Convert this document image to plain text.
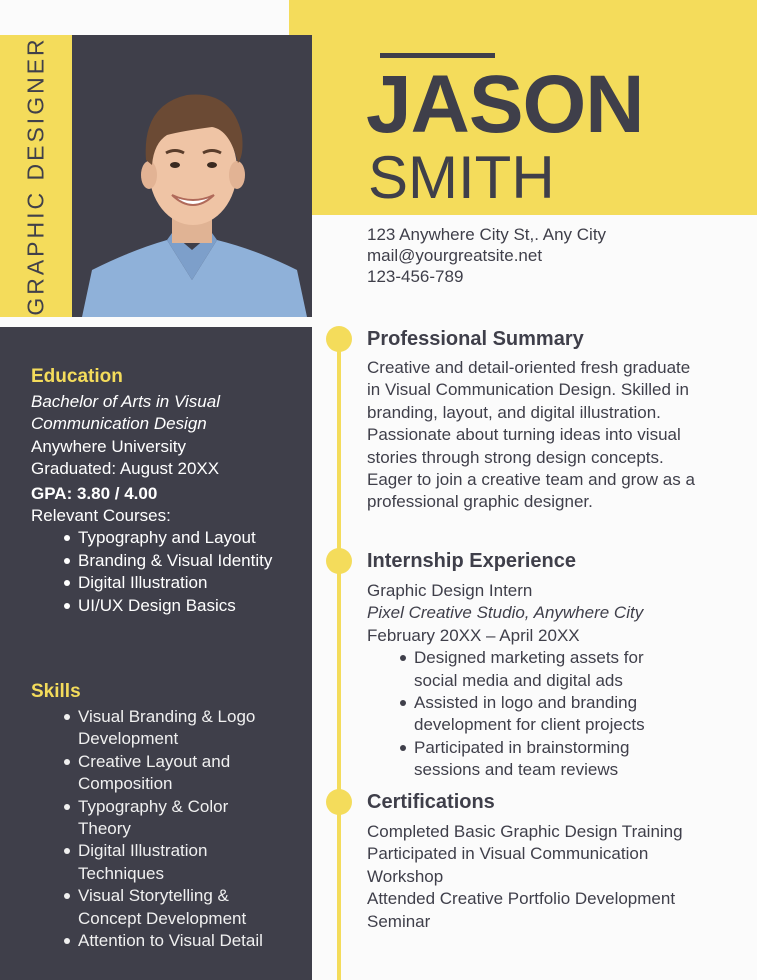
GRAPHIC DESIGNER	JASON
SMITH
123 Anywhere City St,. Any City
mail@yourgreatsite.net
123-456-789
Education
Bachelor of Arts in Visual
Communication Design
Anywhere University
Graduated: August 20XX
GPA: 3.80 / 4.00
Relevant Courses:
Typography and Layout
Branding & Visual Identity
Digital Illustration
UI/UX Design Basics
Skills
Visual Branding & Logo Development
Creative Layout and Composition
Typography & Color Theory
Digital Illustration Techniques
Visual Storytelling & Concept Development
Attention to Visual Detail
Professional Summary
Creative and detail-oriented fresh graduate in Visual Communication Design. Skilled in branding, layout, and digital illustration. Passionate about turning ideas into visual stories through strong design concepts. Eager to join a creative team and grow as a professional graphic designer.
Internship Experience
Graphic Design Intern
Pixel Creative Studio, Anywhere City
February 20XX – April 20XX
Designed marketing assets for social media and digital ads
Assisted in logo and branding development for client projects
Participated in brainstorming sessions and team reviews
Certifications
Completed Basic Graphic Design Training
Participated in Visual Communication Workshop
Attended Creative Portfolio Development Seminar
